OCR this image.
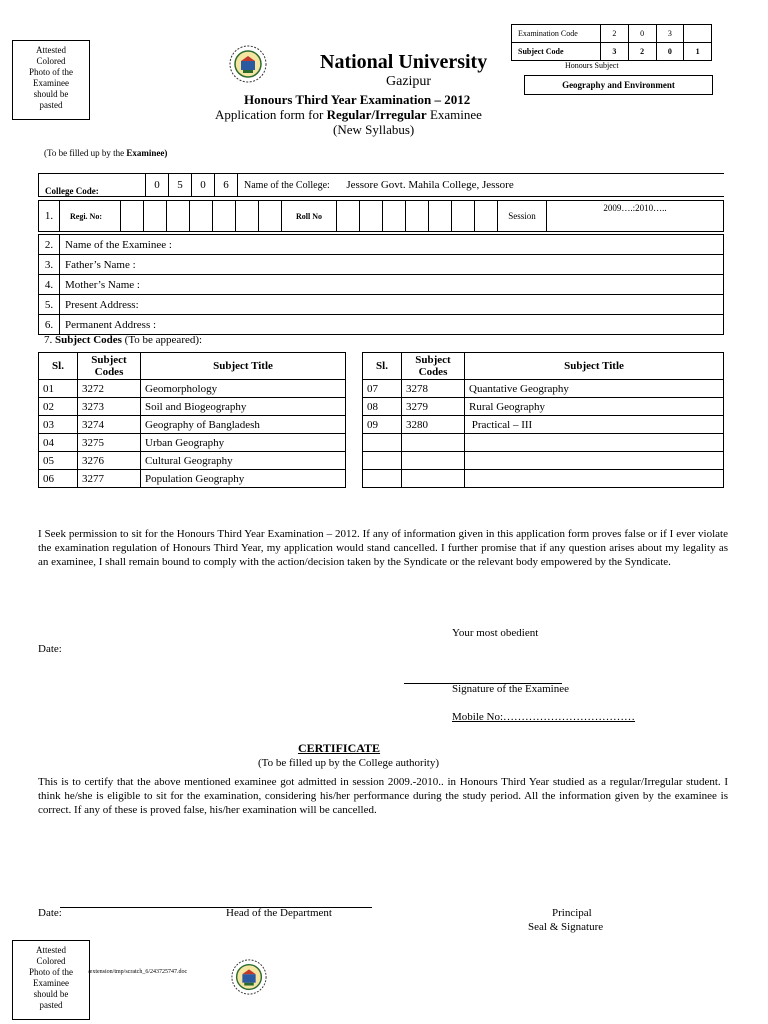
Attested
Colored
Photo of the
Examinee
should be
pasted
National University
Gazipur
Honours Third Year Examination – 2012
Application form for Regular/Irregular Examinee
(New Syllabus)
Examination Code	2	0	3	
Subject Code	3	2	0	1
Honours Subject
Geography and Environment
(To be filled up by the Examinee)
College Code:	0	5	0	6	Name of the College: Jessore Govt. Mahila College, Jessore
1.	Regi. No:								Roll No								Session	2009….:2010…..
2.	Name of the Examinee :
3.	Father’s Name :
4.	Mother’s Name :
5.	Present Address:
6.	Permanent Address :
7. Subject Codes (To be appeared):
Sl.	Subject Codes	Subject Title
01	3272	Geomorphology
02	3273	Soil and Biogeography
03	3274	Geography of Bangladesh
04	3275	Urban Geography
05	3276	Cultural Geography
06	3277	Population Geography
Sl.	Subject Codes	Subject Title
07	3278	Quantative Geography
08	3279	Rural Geography
09	3280	Practical – III

I Seek permission to sit for the Honours Third Year Examination – 2012. If any of information given in this application form proves false or if I ever violate the examination regulation of Honours Third Year, my application would stand cancelled. I further promise that if any question arises about my legality as an examinee, I shall remain bound to comply with the action/decision taken by the Syndicate or the relevant body empowered by the Syndicate.
Your most obedient
Date:
Signature of the Examinee
Mobile No:………………………………
CERTIFICATE
(To be filled up by the College authority)
This is to certify that the above mentioned examinee got admitted in session 2009.-2010.. in Honours Third Year studied as a regular/Irregular student. I think he/she is eligible to sit for the examination, considering his/her performance during the study period. All the information given by the examinee is correct. If any of these is proved false, his/her examination will be cancelled.
Date:	Head of the Department	Principal
Seal & Signature
Attested
Colored
Photo of the
Examinee
should be
pasted
/extension/tmp/scratch_6/243725747.doc
